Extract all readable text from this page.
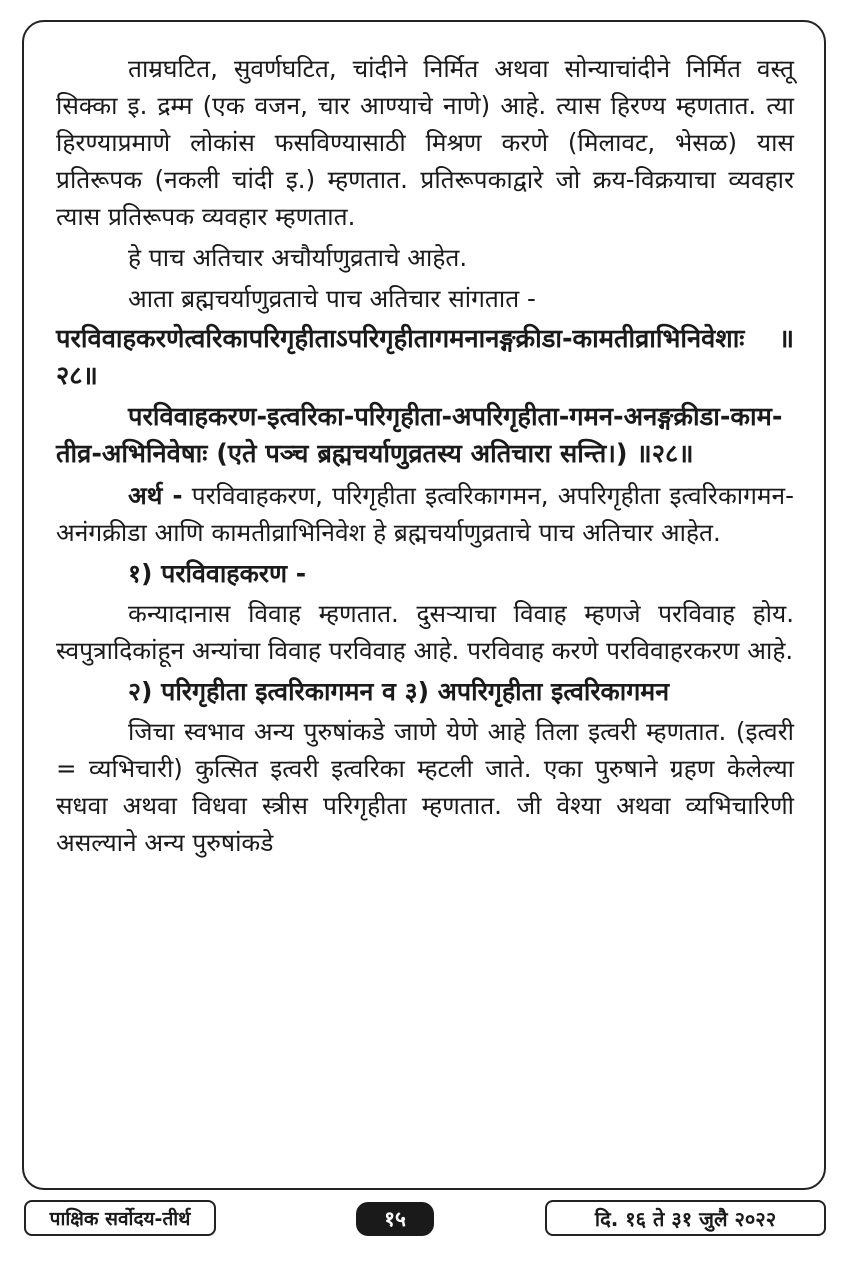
ताम्रघटित, सुवर्णघटित, चांदीने निर्मित अथवा सोन्याचांदीने निर्मित वस्तू सिक्का इ. द्रम्म (एक वजन, चार आण्याचे नाणे) आहे. त्यास हिरण्य म्हणतात. त्या हिरण्याप्रमाणे लोकांस फसविण्यासाठी मिश्रण करणे (मिलावट, भेसळ) यास प्रतिरूपक (नकली चांदी इ.) म्हणतात. प्रतिरूपकाद्वारे जो क्रय-विक्रयाचा व्यवहार त्यास प्रतिरूपक व्यवहार म्हणतात.

हे पाच अतिचार अचौर्याणुव्रताचे आहेत.

आता ब्रह्मचर्याणुव्रताचे पाच अतिचार सांगतात -

परविवाहकरणेत्वरिकापरिगृहीताऽपरिगृहीतागमनानङ्गक्रीडा-कामतीव्राभिनिवेशाः ॥२८॥

परविवाहकरण-इत्वरिका-परिगृहीता-अपरिगृहीता-गमन-अनङ्गक्रीडा-काम-तीव्र-अभिनिवेषाः (एते पञ्च ब्रह्मचर्याणुव्रतस्य अतिचारा सन्ति।) ॥२८॥

अर्थ - परविवाहकरण, परिगृहीता इत्वरिकागमन, अपरिगृहीता इत्वरिकागमन-अनंगक्रीडा आणि कामतीव्राभिनिवेश हे ब्रह्मचर्याणुव्रताचे पाच अतिचार आहेत.

१) परविवाहकरण -

कन्यादानास विवाह म्हणतात. दुसऱ्याचा विवाह म्हणजे परविवाह होय. स्वपुत्रादिकांहून अन्यांचा विवाह परविवाह आहे. परविवाह करणे परविवाहरकरण आहे.

२) परिगृहीता इत्वरिकागमन व ३) अपरिगृहीता इत्वरिकागमन

जिचा स्वभाव अन्य पुरुषांकडे जाणे येणे आहे तिला इत्वरी म्हणतात. (इत्वरी = व्यभिचारी) कुत्सित इत्वरी इत्वरिका म्हटली जाते. एका पुरुषाने ग्रहण केलेल्या सधवा अथवा विधवा स्त्रीस परिगृहीता म्हणतात. जी वेश्या अथवा व्यभिचारिणी असल्याने अन्य पुरुषांकडे

पाक्षिक सर्वोदय-तीर्थ	१५	दि. १६ ते ३१ जुलै २०२२
